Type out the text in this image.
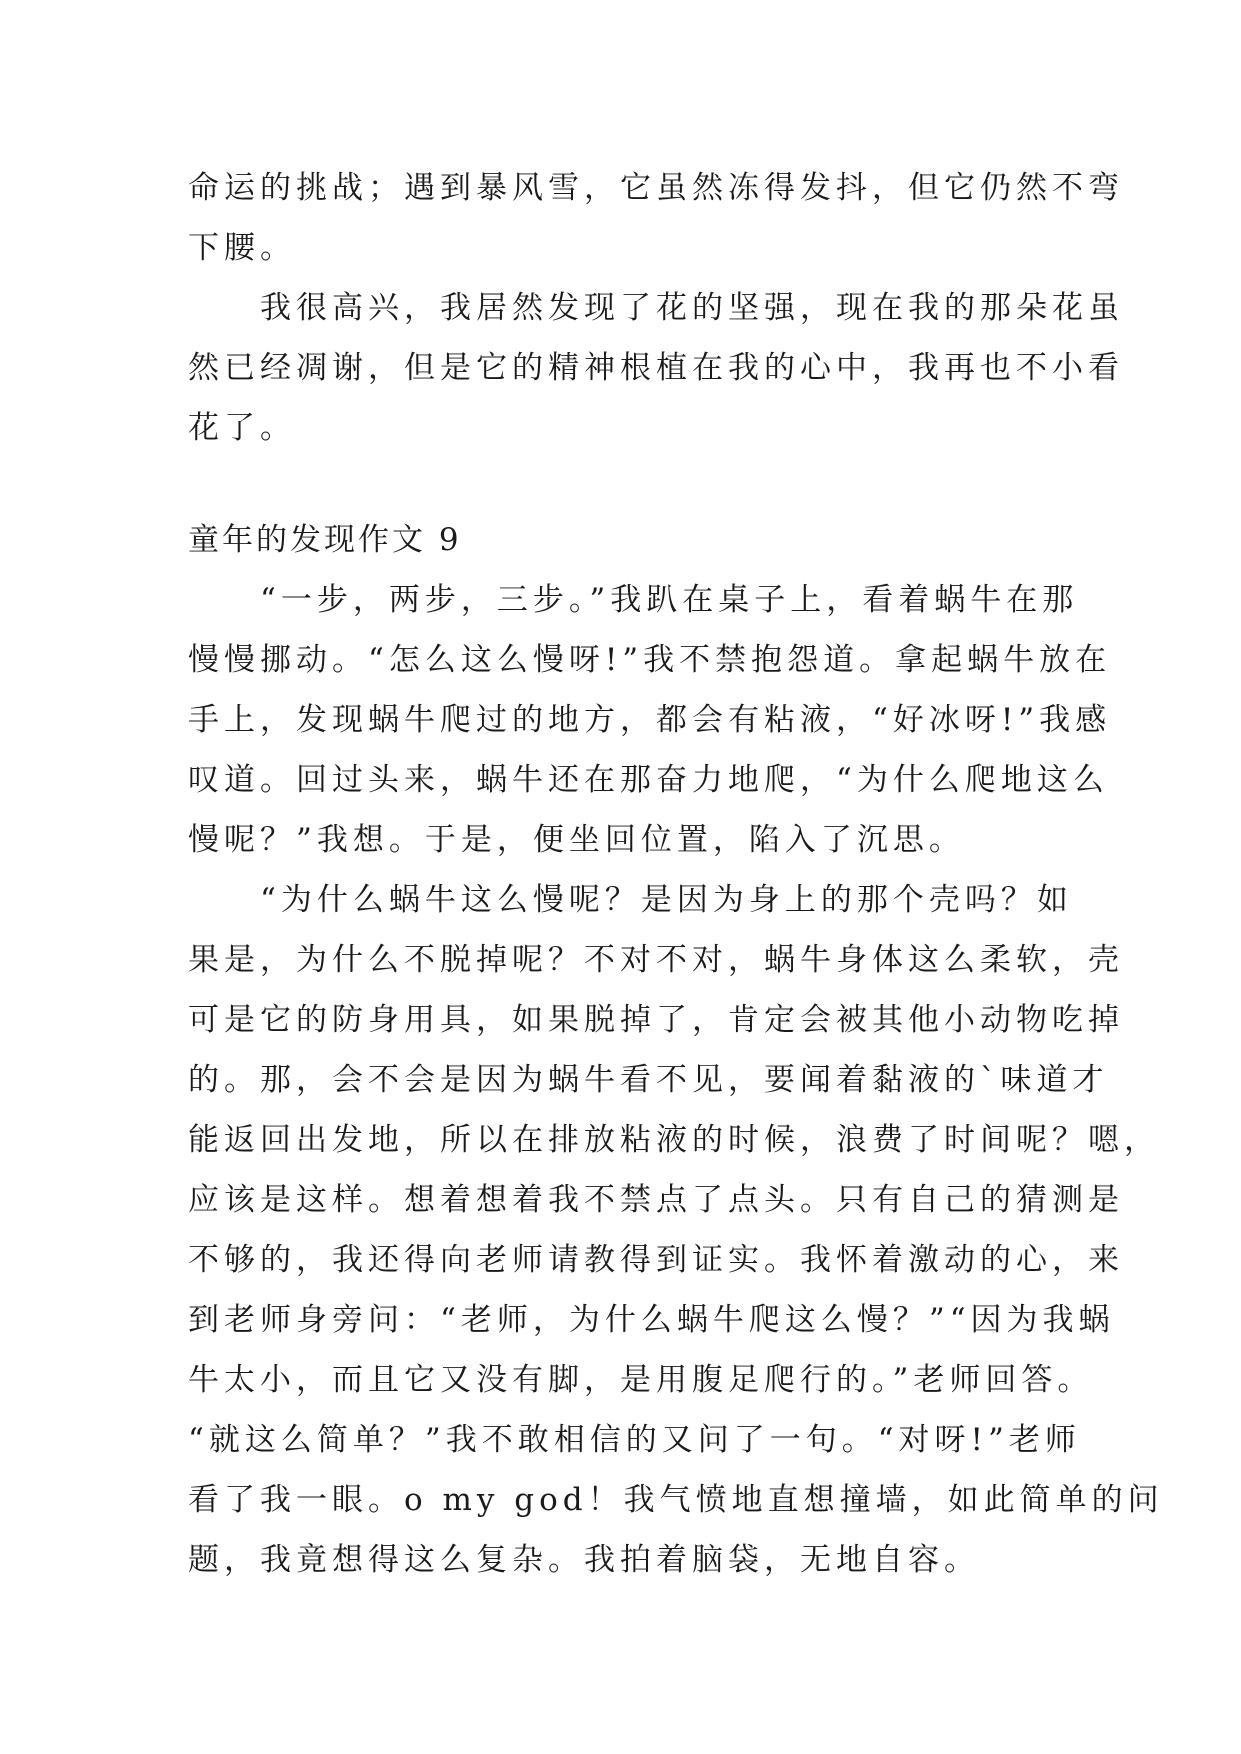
命运的挑战；遇到暴风雪，它虽然冻得发抖，但它仍然不弯
下腰。
　　我很高兴，我居然发现了花的坚强，现在我的那朵花虽
然已经凋谢，但是它的精神根植在我的心中，我再也不小看
花了。
童年的发现作文 9
　　“一步，两步，三步。”我趴在桌子上，看着蜗牛在那
慢慢挪动。“怎么这么慢呀!”我不禁抱怨道。拿起蜗牛放在
手上，发现蜗牛爬过的地方，都会有粘液，“好冰呀!”我感
叹道。回过头来，蜗牛还在那奋力地爬，“为什么爬地这么
慢呢？”我想。于是，便坐回位置，陷入了沉思。
　　“为什么蜗牛这么慢呢？是因为身上的那个壳吗？如
果是，为什么不脱掉呢？不对不对，蜗牛身体这么柔软，壳
可是它的防身用具，如果脱掉了，肯定会被其他小动物吃掉
的。那，会不会是因为蜗牛看不见，要闻着黏液的`味道才
能返回出发地，所以在排放粘液的时候，浪费了时间呢？嗯，
应该是这样。想着想着我不禁点了点头。只有自己的猜测是
不够的，我还得向老师请教得到证实。我怀着激动的心，来
到老师身旁问：“老师，为什么蜗牛爬这么慢？”“因为我蜗
牛太小，而且它又没有脚，是用腹足爬行的。”老师回答。
“就这么简单？”我不敢相信的又问了一句。“对呀!”老师
看了我一眼。o my god！我气愤地直想撞墙，如此简单的问
题，我竟想得这么复杂。我拍着脑袋，无地自容。
